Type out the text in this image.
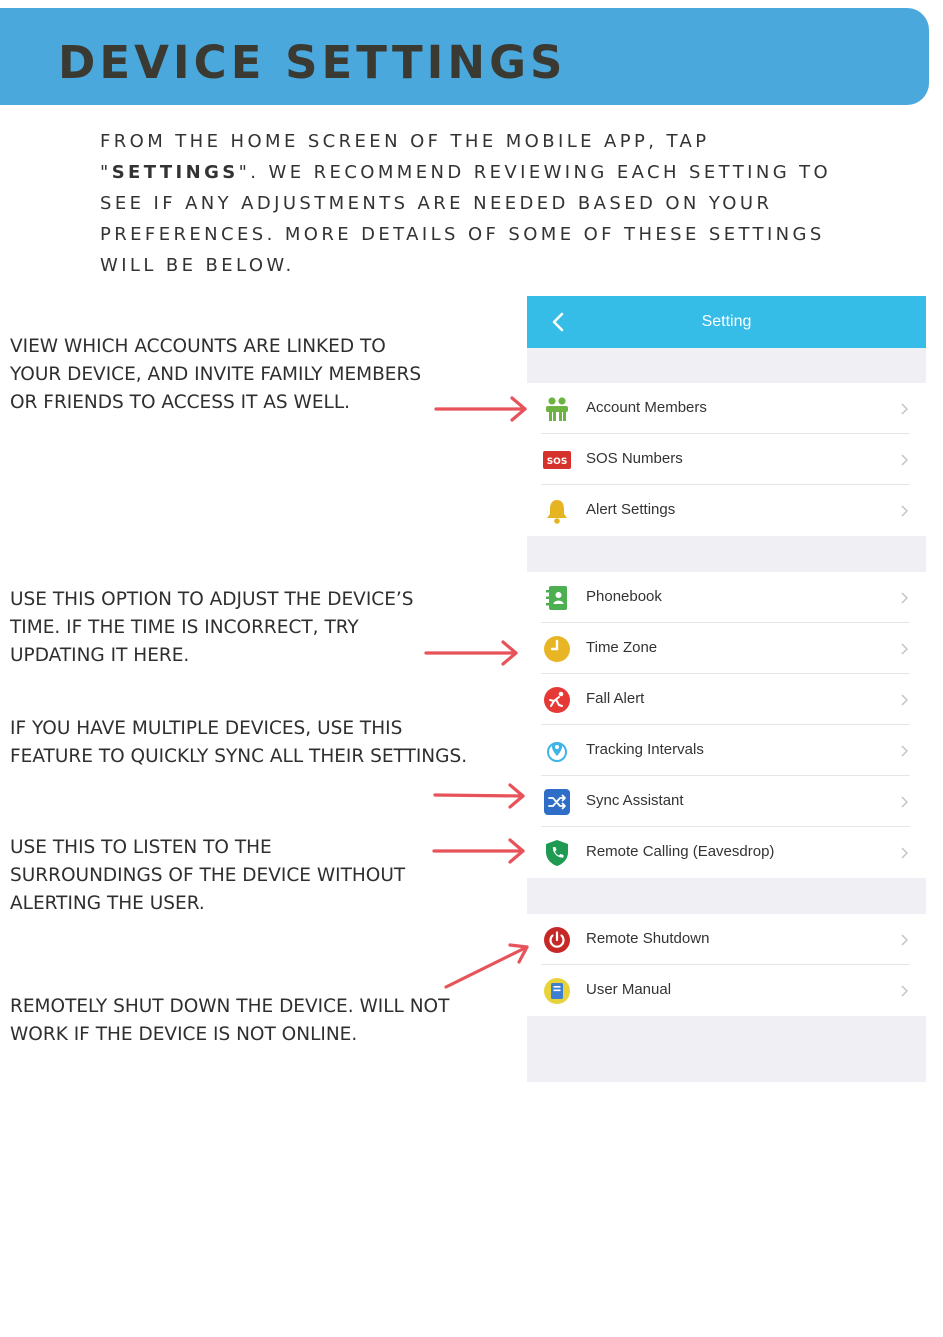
DEVICE SETTINGS

FROM THE HOME SCREEN OF THE MOBILE APP, TAP "SETTINGS". WE RECOMMEND REVIEWING EACH SETTING TO SEE IF ANY ADJUSTMENTS ARE NEEDED BASED ON YOUR PREFERENCES. MORE DETAILS OF SOME OF THESE SETTINGS WILL BE BELOW.

VIEW WHICH ACCOUNTS ARE LINKED TO
YOUR DEVICE, AND INVITE FAMILY MEMBERS
OR FRIENDS TO ACCESS IT AS WELL.
USE THIS OPTION TO ADJUST THE DEVICE’S
TIME. IF THE TIME IS INCORRECT, TRY
UPDATING IT HERE.
IF YOU HAVE MULTIPLE DEVICES, USE THIS
FEATURE TO QUICKLY SYNC ALL THEIR SETTINGS.
USE THIS TO LISTEN TO THE
SURROUNDINGS OF THE DEVICE WITHOUT
ALERTING THE USER.
REMOTELY SHUT DOWN THE DEVICE. WILL NOT
WORK IF THE DEVICE IS NOT ONLINE.
Setting
Account Members
SOS SOS Numbers
Alert Settings
Phonebook
Time Zone
Fall Alert
Tracking Intervals
Sync Assistant
Remote Calling (Eavesdrop)
Remote Shutdown
User Manual
